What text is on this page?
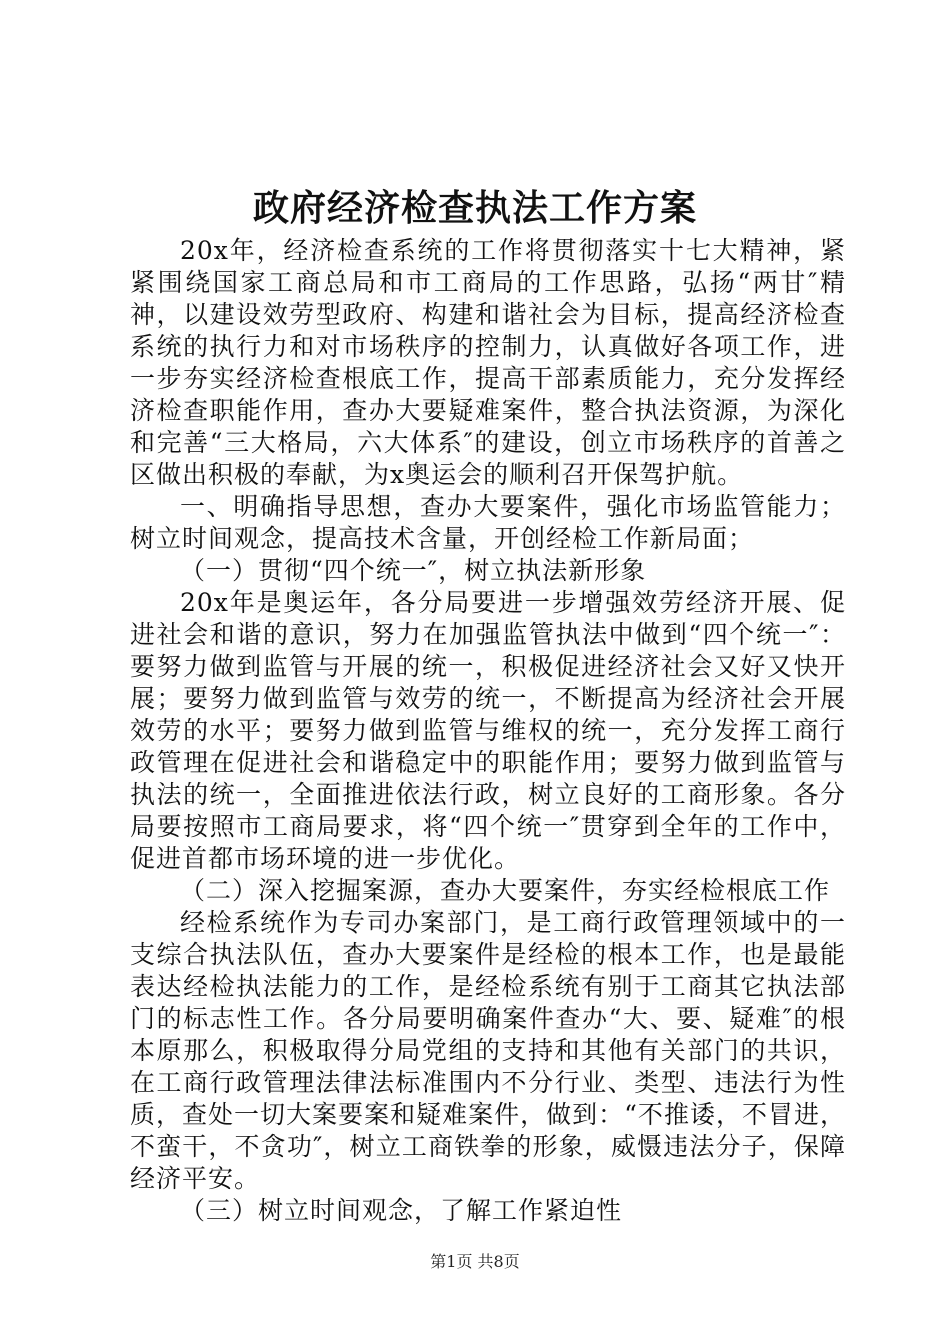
政府经济检查执法工作方案

20x年，经济检查系统的工作将贯彻落实十七大精神，紧紧围绕国家工商总局和市工商局的工作思路，弘扬“两甘″精神，以建设效劳型政府、构建和谐社会为目标，提高经济检查系统的执行力和对市场秩序的控制力，认真做好各项工作，进一步夯实经济检查根底工作，提高干部素质能力，充分发挥经济检查职能作用，查办大要疑难案件，整合执法资源，为深化和完善“三大格局，六大体系″的建设，创立市场秩序的首善之区做出积极的奉献，为x奥运会的顺利召开保驾护航。

一、明确指导思想，查办大要案件，强化市场监管能力；树立时间观念，提高技术含量，开创经检工作新局面；

（一）贯彻“四个统一″，树立执法新形象

20x年是奥运年，各分局要进一步增强效劳经济开展、促进社会和谐的意识，努力在加强监管执法中做到“四个统一″：要努力做到监管与开展的统一，积极促进经济社会又好又快开展；要努力做到监管与效劳的统一，不断提高为经济社会开展效劳的水平；要努力做到监管与维权的统一，充分发挥工商行政管理在促进社会和谐稳定中的职能作用；要努力做到监管与执法的统一，全面推进依法行政，树立良好的工商形象。各分局要按照市工商局要求，将“四个统一″贯穿到全年的工作中，促进首都市场环境的进一步优化。

（二）深入挖掘案源，查办大要案件，夯实经检根底工作

经检系统作为专司办案部门，是工商行政管理领域中的一支综合执法队伍，查办大要案件是经检的根本工作，也是最能表达经检执法能力的工作，是经检系统有别于工商其它执法部门的标志性工作。各分局要明确案件查办“大、要、疑难″的根本原那么，积极取得分局党组的支持和其他有关部门的共识，在工商行政管理法律法标准围内不分行业、类型、违法行为性质，查处一切大案要案和疑难案件，做到：“不推诿，不冒进，不蛮干，不贪功″，树立工商铁拳的形象，威慑违法分子，保障经济平安。

（三）树立时间观念，了解工作紧迫性

第1页 共8页
